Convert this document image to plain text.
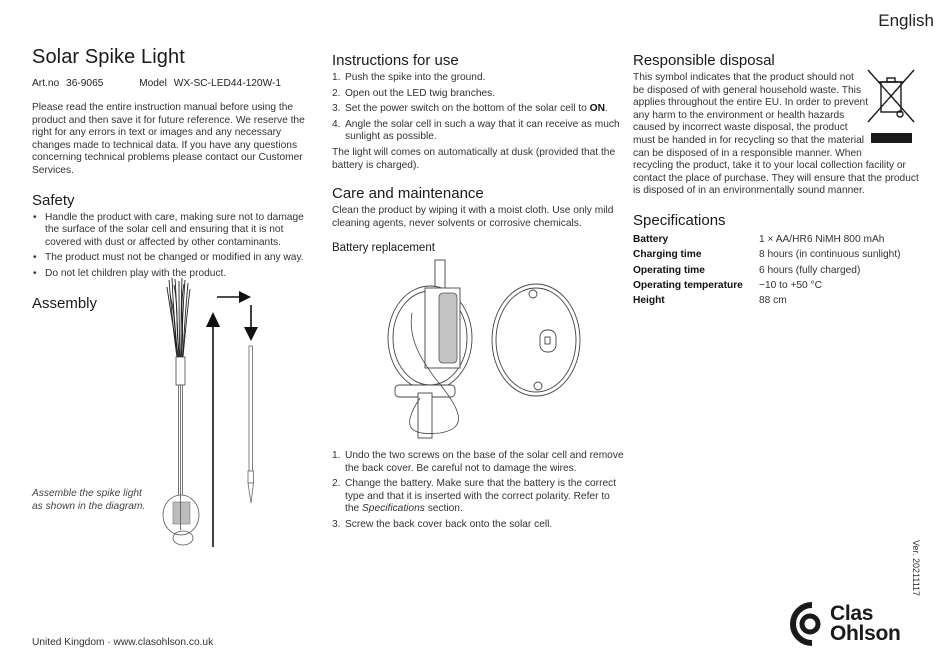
English
Solar Spike Light
Art.no 36-9065	Model WX-SC-LED44-120W-1

Please read the entire instruction manual before using the product and then save it for future reference. We reserve the right for any errors in text or images and any necessary changes made to technical data. If you have any questions concerning technical problems please contact our Customer Services.

Safety
• Handle the product with care, making sure not to damage the surface of the solar cell and ensuring that it is not covered with dust or affected by other contaminants.
• The product must not be changed or modified in any way.
• Do not let children play with the product.
Assembly
Assemble the spike light
as shown in the diagram.
Instructions for use
1. Push the spike into the ground.
2. Open out the LED twig branches.
3. Set the power switch on the bottom of the solar cell to ON.
4. Angle the solar cell in such a way that it can receive as much sunlight as possible.

The light will comes on automatically at dusk (provided that the battery is charged).

Care and maintenance

Clean the product by wiping it with a moist cloth. Use only mild cleaning agents, never solvents or corrosive chemicals.

Battery replacement
1. Undo the two screws on the base of the solar cell and remove the back cover. Be careful not to damage the wires.
2. Change the battery. Make sure that the battery is the correct type and that it is inserted with the correct polarity. Refer to the Specifications section.
3. Screw the back cover back onto the solar cell.
Responsible disposal
This symbol indicates that the product should not
be disposed of with general household waste. This
applies throughout the entire EU. In order to prevent
any harm to the environment or health hazards
caused by incorrect waste disposal, the product
must be handed in for recycling so that the material
can be disposed of in a responsible manner. When
recycling the product, take it to your local collection facility or contact the place of purchase. They will ensure that the product is disposed of in an environmentally sound manner.
Specifications
Battery	1 × AA/HR6 NiMH 800 mAh
Charging time	8 hours (in continuous sunlight)
Operating time	6 hours (fully charged)
Operating temperature	−10 to +50 °C
Height	88 cm
Ver. 20211117
Clas
Ohlson
United Kingdom · www.clasohlson.co.uk
